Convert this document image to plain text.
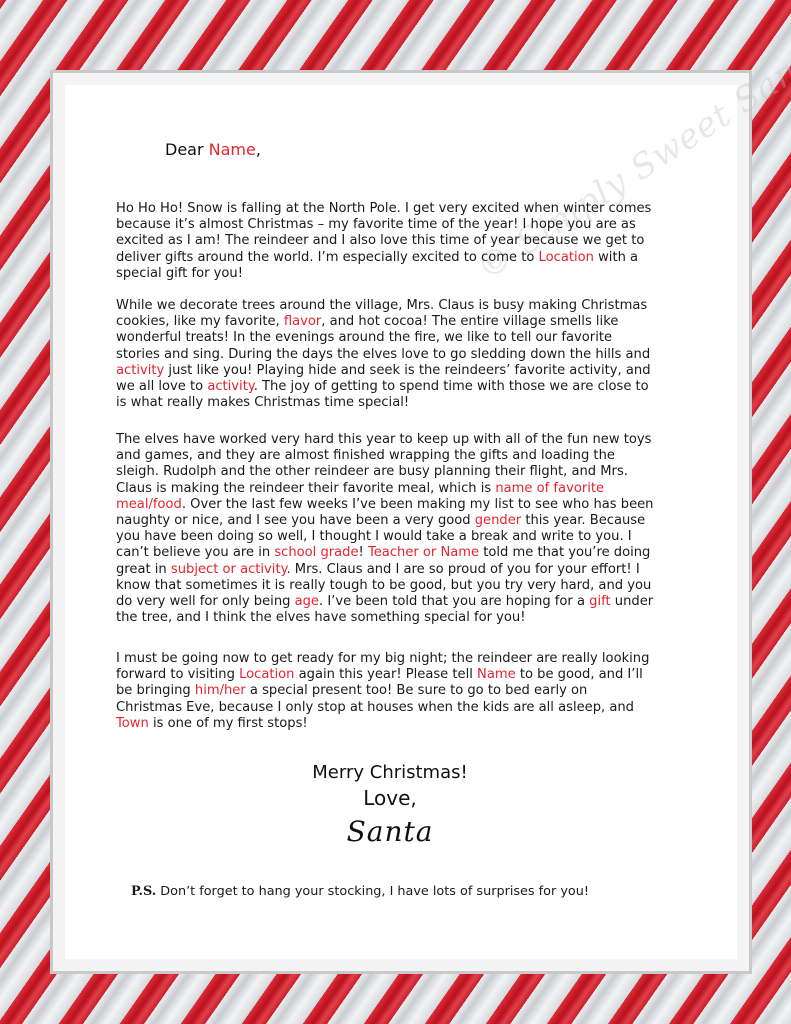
© Simply Sweet Santa
Dear Name,

Ho Ho Ho! Snow is falling at the North Pole. I get very excited when winter comes because it’s almost Christmas – my favorite time of the year! I hope you are as excited as I am! The reindeer and I also love this time of year because we get to deliver gifts around the world. I’m especially excited to come to Location with a special gift for you!

While we decorate trees around the village, Mrs. Claus is busy making Christmas cookies, like my favorite, flavor, and hot cocoa! The entire village smells like wonderful treats! In the evenings around the fire, we like to tell our favorite stories and sing. During the days the elves love to go sledding down the hills and activity just like you! Playing hide and seek is the reindeers’ favorite activity, and we all love to activity. The joy of getting to spend time with those we are close to is what really makes Christmas time special!

The elves have worked very hard this year to keep up with all of the fun new toys and games, and they are almost finished wrapping the gifts and loading the sleigh. Rudolph and the other reindeer are busy planning their flight, and Mrs. Claus is making the reindeer their favorite meal, which is name of favorite meal/food. Over the last few weeks I’ve been making my list to see who has been naughty or nice, and I see you have been a very good gender this year. Because you have been doing so well, I thought I would take a break and write to you. I can’t believe you are in school grade! Teacher or Name told me that you’re doing great in subject or activity. Mrs. Claus and I are so proud of you for your effort! I know that sometimes it is really tough to be good, but you try very hard, and you do very well for only being age. I’ve been told that you are hoping for a gift under the tree, and I think the elves have something special for you!

I must be going now to get ready for my big night; the reindeer are really looking forward to visiting Location again this year! Please tell Name to be good, and I’ll be bringing him/her a special present too! Be sure to go to bed early on Christmas Eve, because I only stop at houses when the kids are all asleep, and Town is one of my first stops!

Merry Christmas!
Love,
Santa
P.S. Don’t forget to hang your stocking, I have lots of surprises for you!
